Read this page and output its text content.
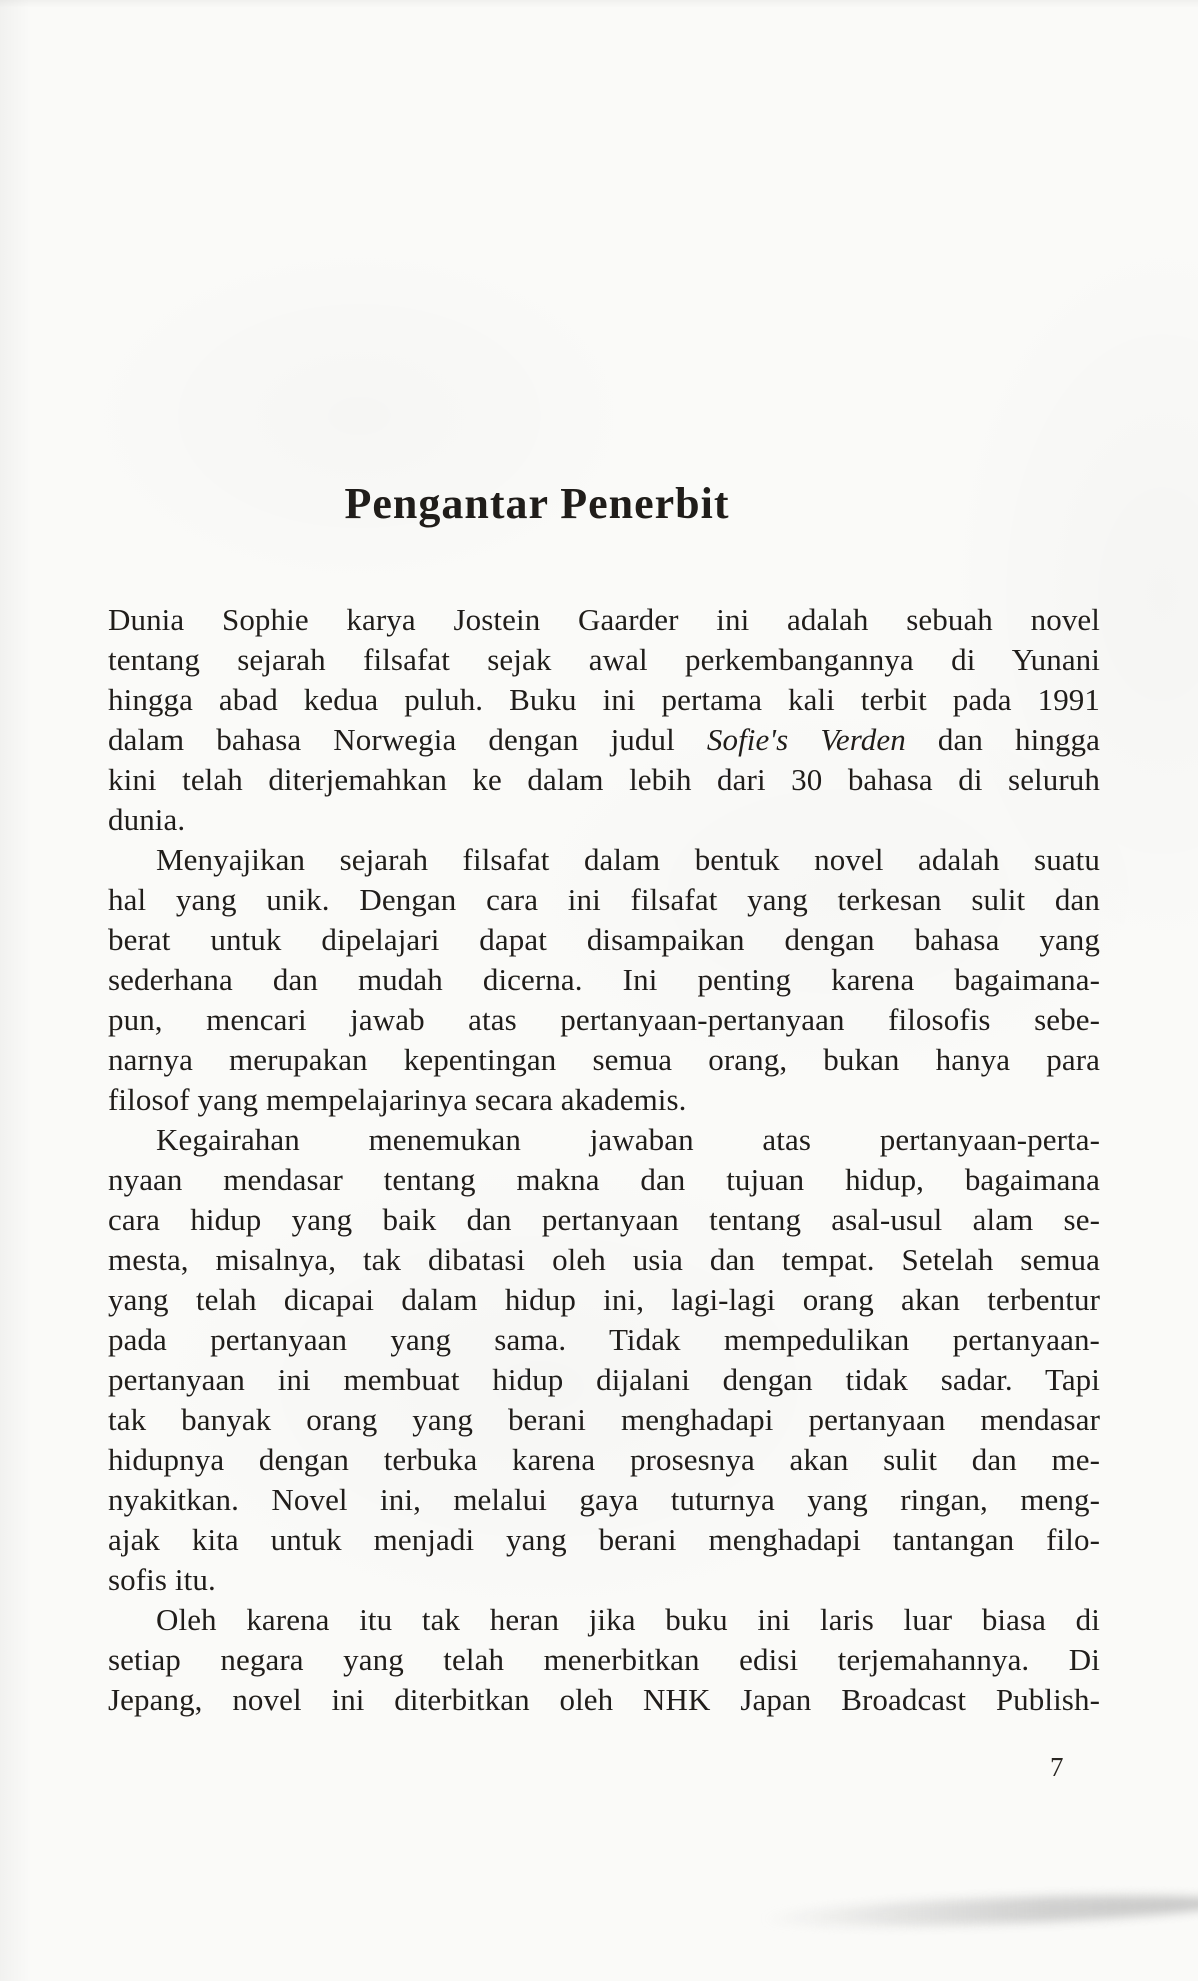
Pengantar Penerbit
Dunia Sophie karya Jostein Gaarder ini adalah sebuah novel
tentang sejarah filsafat sejak awal perkembangannya di Yunani
hingga abad kedua puluh. Buku ini pertama kali terbit pada 1991
dalam bahasa Norwegia dengan judul Sofie's Verden dan hingga
kini telah diterjemahkan ke dalam lebih dari 30 bahasa di seluruh
dunia.
Menyajikan sejarah filsafat dalam bentuk novel adalah suatu
hal yang unik. Dengan cara ini filsafat yang terkesan sulit dan
berat untuk dipelajari dapat disampaikan dengan bahasa yang
sederhana dan mudah dicerna. Ini penting karena bagaimana-
pun, mencari jawab atas pertanyaan-pertanyaan filosofis sebe-
narnya merupakan kepentingan semua orang, bukan hanya para
filosof yang mempelajarinya secara akademis.
Kegairahan menemukan jawaban atas pertanyaan-perta-
nyaan mendasar tentang makna dan tujuan hidup, bagaimana
cara hidup yang baik dan pertanyaan tentang asal-usul alam se-
mesta, misalnya, tak dibatasi oleh usia dan tempat. Setelah semua
yang telah dicapai dalam hidup ini, lagi-lagi orang akan terbentur
pada pertanyaan yang sama. Tidak mempedulikan pertanyaan-
pertanyaan ini membuat hidup dijalani dengan tidak sadar. Tapi
tak banyak orang yang berani menghadapi pertanyaan mendasar
hidupnya dengan terbuka karena prosesnya akan sulit dan me-
nyakitkan. Novel ini, melalui gaya tuturnya yang ringan, meng-
ajak kita untuk menjadi yang berani menghadapi tantangan filo-
sofis itu.
Oleh karena itu tak heran jika buku ini laris luar biasa di
setiap negara yang telah menerbitkan edisi terjemahannya. Di
Jepang, novel ini diterbitkan oleh NHK Japan Broadcast Publish-
7
